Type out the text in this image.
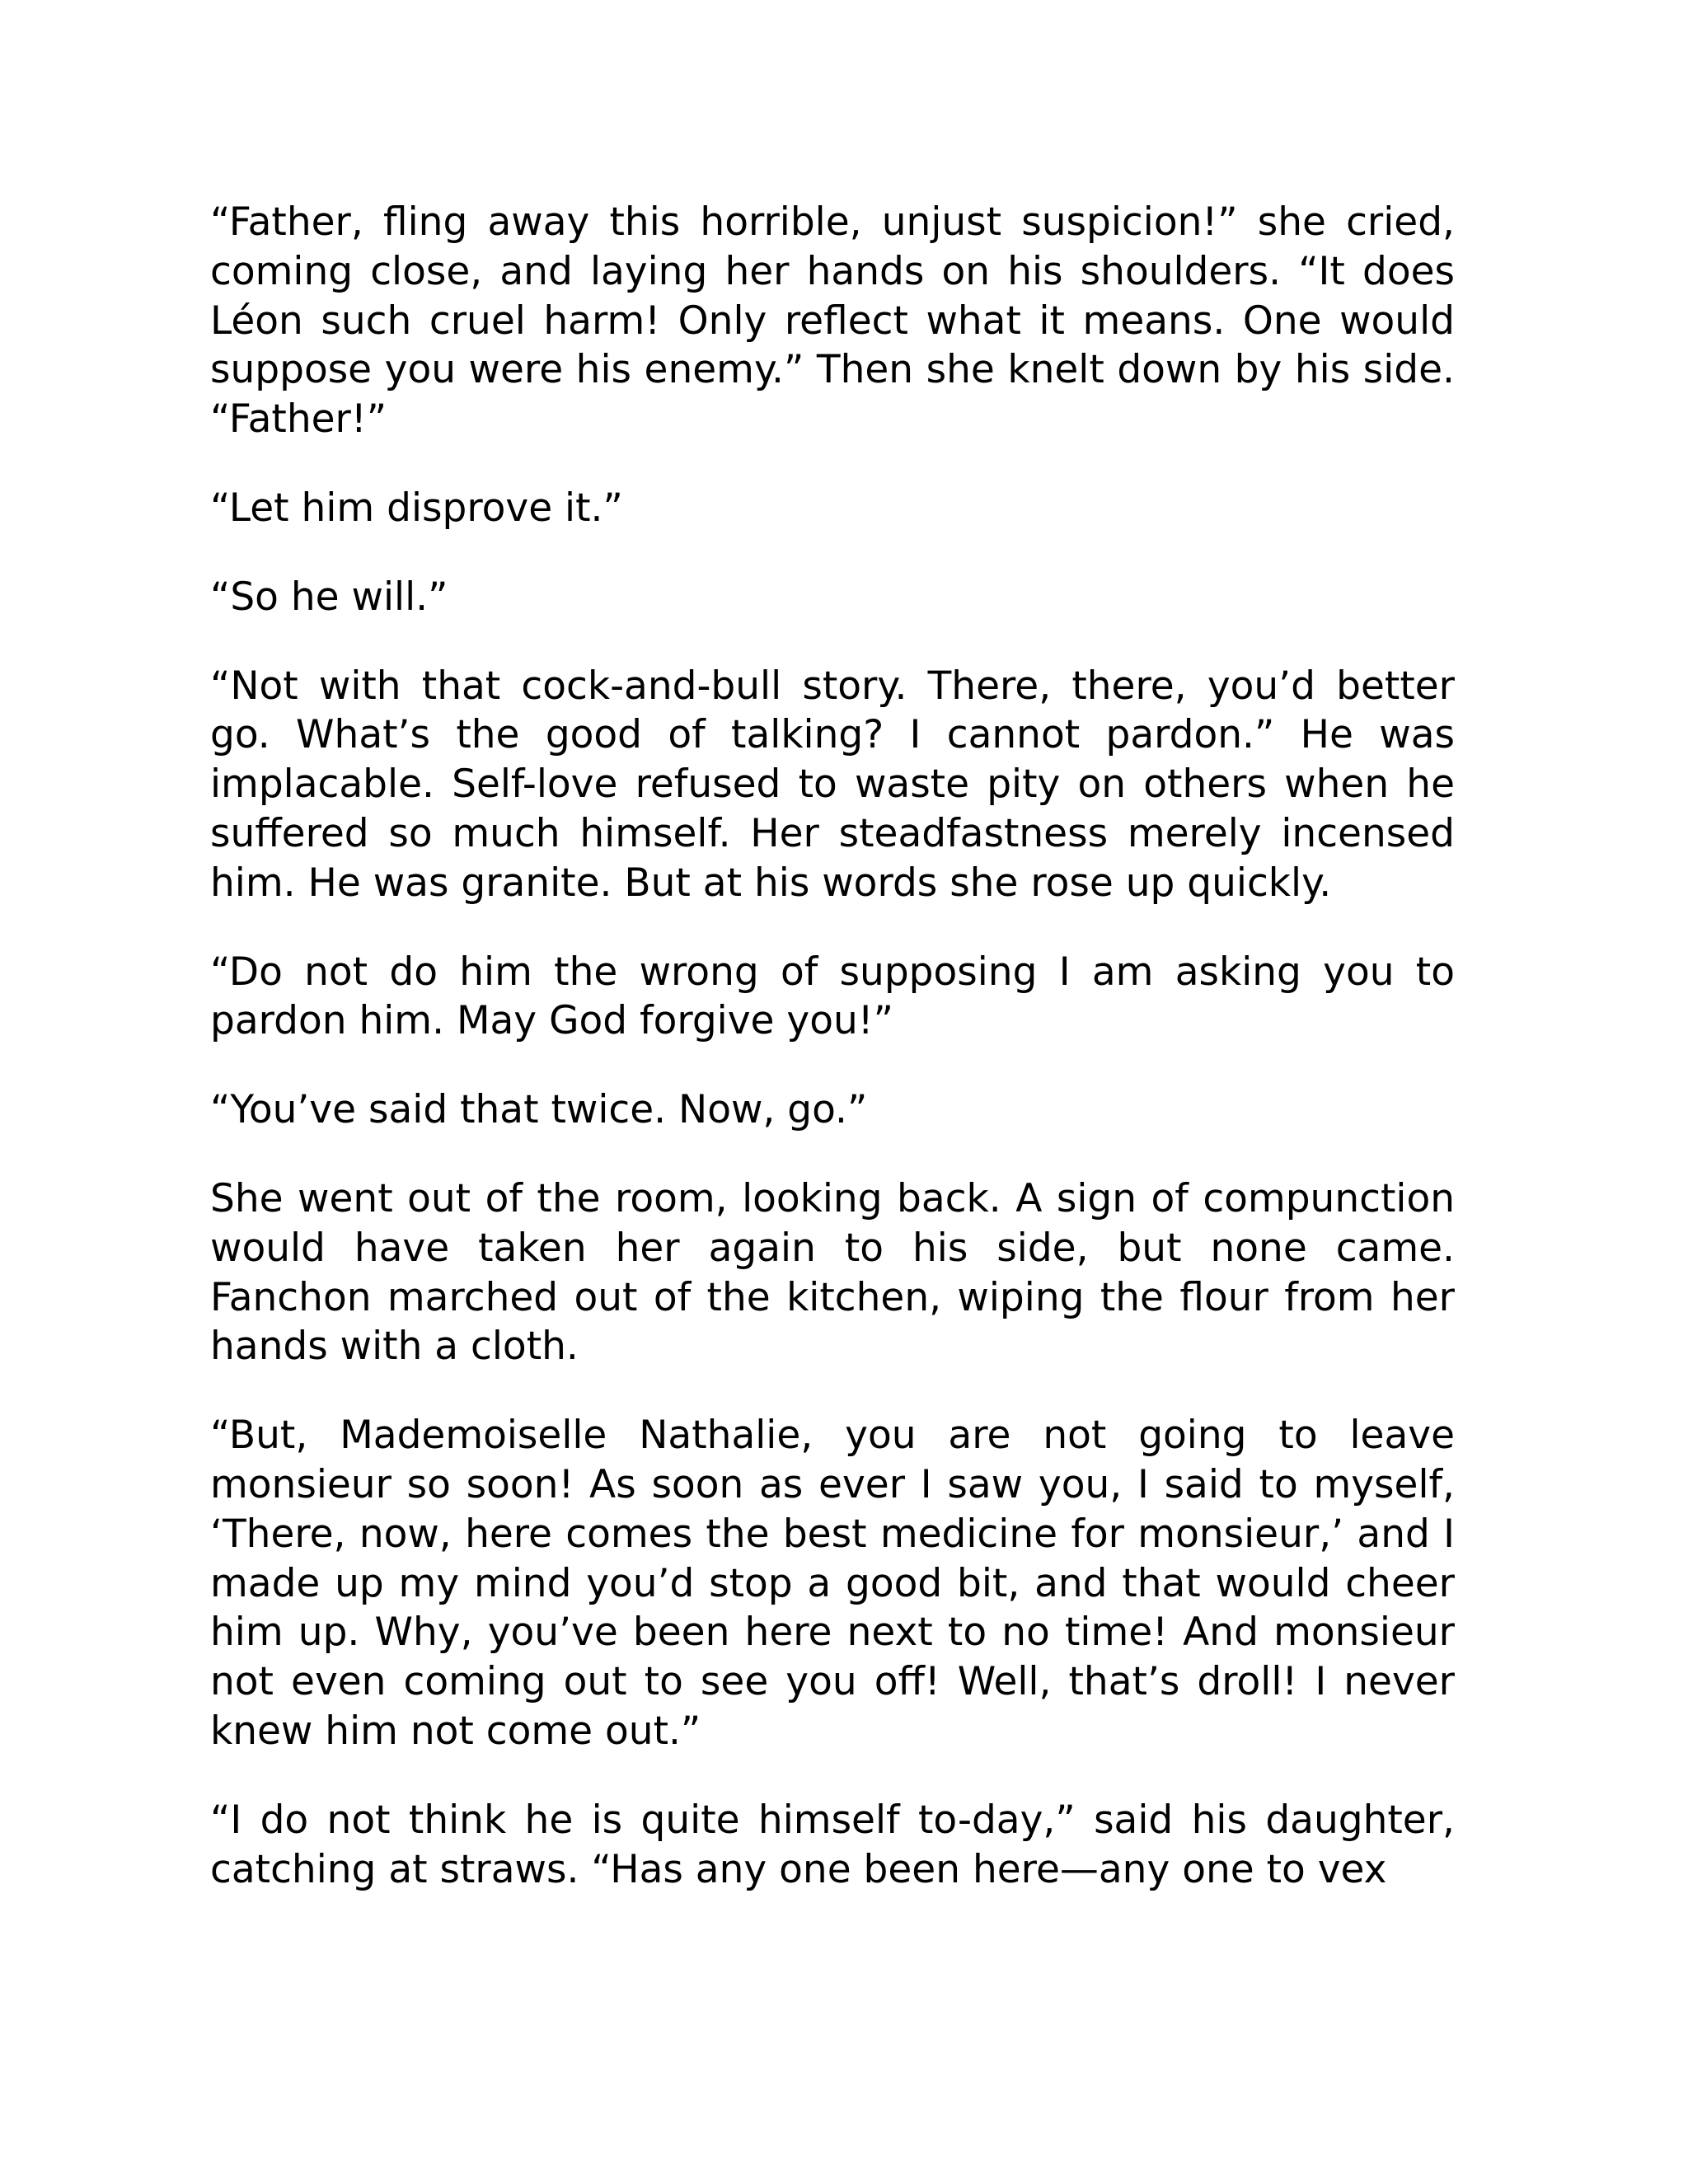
“Father, fling away this horrible, unjust suspicion!” she cried, coming close, and laying her hands on his shoulders. “It does Léon such cruel harm! Only reflect what it means. One would suppose you were his enemy.” Then she knelt down by his side. “Father!”

“Let him disprove it.”

“So he will.”

“Not with that cock-and-bull story. There, there, you’d better go. What’s the good of talking? I cannot pardon.” He was implacable. Self-love refused to waste pity on others when he suffered so much himself. Her steadfastness merely incensed him. He was granite. But at his words she rose up quickly.

“Do not do him the wrong of supposing I am asking you to pardon him. May God forgive you!”

“You’ve said that twice. Now, go.”

She went out of the room, looking back. A sign of compunction would have taken her again to his side, but none came. Fanchon marched out of the kitchen, wiping the flour from her hands with a cloth.

“But, Mademoiselle Nathalie, you are not going to leave monsieur so soon! As soon as ever I saw you, I said to myself, ‘There, now, here comes the best medicine for monsieur,’ and I made up my mind you’d stop a good bit, and that would cheer him up. Why, you’ve been here next to no time! And monsieur not even coming out to see you off! Well, that’s droll! I never knew him not come out.”

“I do not think he is quite himself to-day,” said his daughter, catching at straws. “Has any one been here—any one to vex
